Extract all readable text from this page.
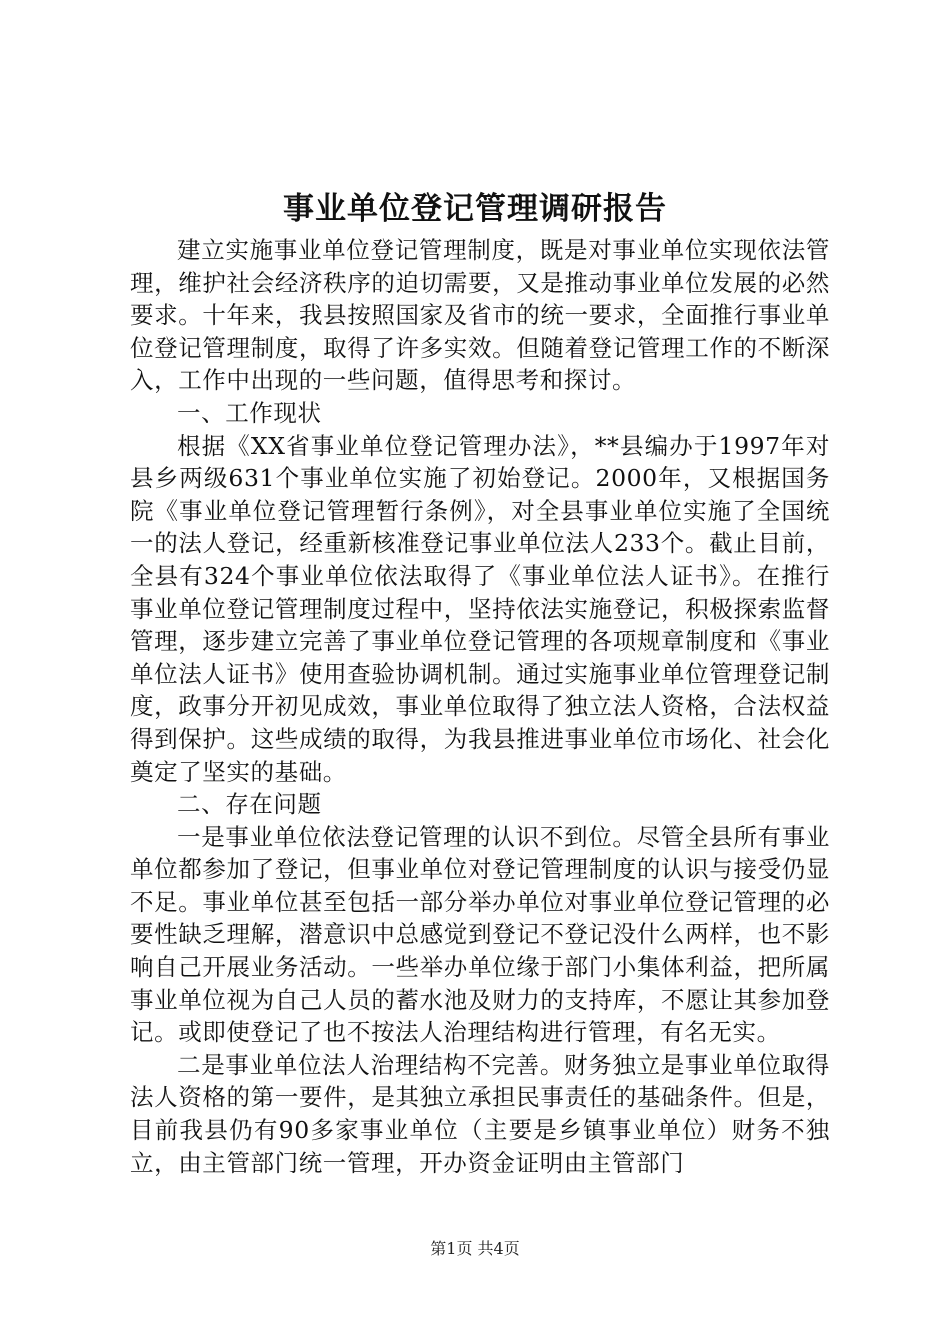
事业单位登记管理调研报告

建立实施事业单位登记管理制度，既是对事业单位实现依法管理，维护社会经济秩序的迫切需要，又是推动事业单位发展的必然要求。十年来，我县按照国家及省市的统一要求，全面推行事业单位登记管理制度，取得了许多实效。但随着登记管理工作的不断深入，工作中出现的一些问题，值得思考和探讨。

一、工作现状

根据《XX省事业单位登记管理办法》，**县编办于1997年对县乡两级631个事业单位实施了初始登记。2000年，又根据国务院《事业单位登记管理暂行条例》，对全县事业单位实施了全国统一的法人登记，经重新核准登记事业单位法人233个。截止目前，全县有324个事业单位依法取得了《事业单位法人证书》。在推行事业单位登记管理制度过程中，坚持依法实施登记，积极探索监督管理，逐步建立完善了事业单位登记管理的各项规章制度和《事业单位法人证书》使用查验协调机制。通过实施事业单位管理登记制度，政事分开初见成效，事业单位取得了独立法人资格，合法权益得到保护。这些成绩的取得，为我县推进事业单位市场化、社会化奠定了坚实的基础。

二、存在问题

一是事业单位依法登记管理的认识不到位。尽管全县所有事业单位都参加了登记，但事业单位对登记管理制度的认识与接受仍显不足。事业单位甚至包括一部分举办单位对事业单位登记管理的必要性缺乏理解，潜意识中总感觉到登记不登记没什么两样，也不影响自己开展业务活动。一些举办单位缘于部门小集体利益，把所属事业单位视为自己人员的蓄水池及财力的支持库，不愿让其参加登记。或即使登记了也不按法人治理结构进行管理，有名无实。

二是事业单位法人治理结构不完善。财务独立是事业单位取得法人资格的第一要件，是其独立承担民事责任的基础条件。但是，目前我县仍有90多家事业单位（主要是乡镇事业单位）财务不独立，由主管部门统一管理，开办资金证明由主管部门

第1页 共4页
